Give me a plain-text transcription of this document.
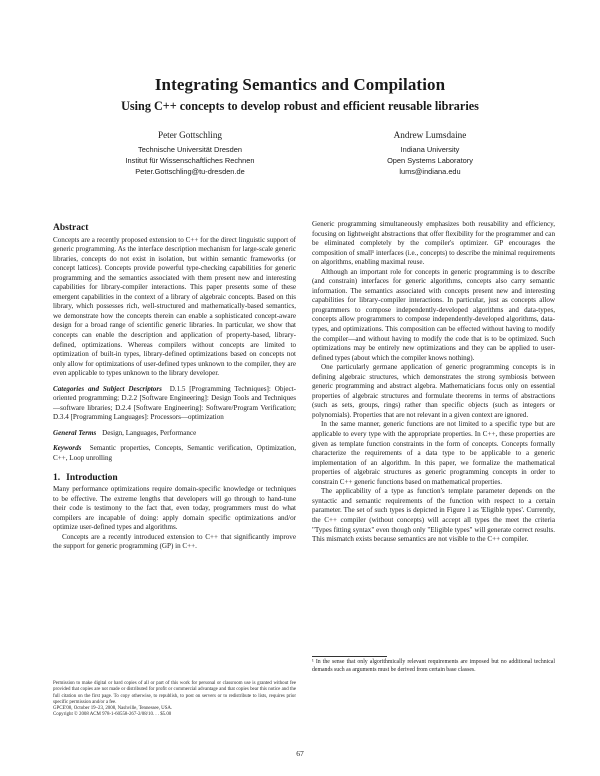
Integrating Semantics and Compilation
Using C++ concepts to develop robust and efficient reusable libraries
Peter Gottschling
Technische Universität Dresden
Institut für Wissenschaftliches Rechnen
Peter.Gottschling@tu-dresden.de
Andrew Lumsdaine
Indiana University
Open Systems Laboratory
lums@indiana.edu
Abstract

Concepts are a recently proposed extension to C++ for the direct linguistic support of generic programming. As the interface description mechanism for large-scale generic libraries, concepts do not exist in isolation, but within semantic frameworks (or concept lattices). Concepts provide powerful type-checking capabilities for generic programming and the semantics associated with them present new and interesting capabilities for library-compiler interactions. This paper presents some of these emergent capabilities in the context of a library of algebraic concepts. Based on this library, which possesses rich, well-structured and mathematically-based semantics, we demonstrate how the concepts therein can enable a sophisticated concept-aware design for a broad range of scientific generic libraries. In particular, we show that concepts can enable the description and application of property-based, library-defined, optimizations. Whereas compilers without concepts are limited to optimization of built-in types, library-defined optimizations based on concepts not only allow for optimizations of user-defined types unknown to the compiler, they are even applicable to types unknown to the library developer.

Categories and Subject Descriptors D.1.5 [Programming Techniques]: Object-oriented programming; D.2.2 [Software Engineering]: Design Tools and Techniques—software libraries; D.2.4 [Software Engineering]: Software/Program Verification; D.3.4 [Programming Languages]: Processors—optimization

General Terms Design, Languages, Performance

Keywords Semantic properties, Concepts, Semantic verification, Optimization, C++, Loop unrolling

1. Introduction

Many performance optimizations require domain-specific knowledge or techniques to be effective. The extreme lengths that developers will go through to hand-tune their code is testimony to the fact that, even today, programmers must do what compilers are incapable of doing: apply domain specific optimizations and/or optimize user-defined types and algorithms.

Concepts are a recently introduced extension to C++ that significantly improve the support for generic programming (GP) in C++.

Permission to make digital or hard copies of all or part of this work for personal or classroom use is granted without fee provided that copies are not made or distributed for profit or commercial advantage and that copies bear this notice and the full citation on the first page. To copy otherwise, to republish, to post on servers or to redistribute to lists, requires prior specific permission and/or a fee.

GPCE'08, October 19–23, 2008, Nashville, Tennessee, USA.

Copyright © 2008 ACM 978-1-60558-267-2/08/10. . . $5.00

Generic programming simultaneously emphasizes both reusability and efficiency, focusing on lightweight abstractions that offer flexibility for the programmer and can be eliminated completely by the compiler's optimizer. GP encourages the composition of small¹ interfaces (i.e., concepts) to describe the minimal requirements on algorithms, enabling maximal reuse.

Although an important role for concepts in generic programming is to describe (and constrain) interfaces for generic algorithms, concepts also carry semantic information. The semantics associated with concepts present new and interesting capabilities for library-compiler interactions. In particular, just as concepts allow programmers to compose independently-developed algorithms and data-types, concepts allow programmers to compose independently-developed algorithms, data-types, and optimizations. This composition can be effected without having to modify the compiler—and without having to modify the code that is to be optimized. Such optimizations may be entirely new optimizations and they can be applied to user-defined types (about which the compiler knows nothing).

One particularly germane application of generic programming concepts is in defining algebraic structures, which demonstrates the strong symbiosis between generic programming and abstract algebra. Mathematicians focus only on essential properties of algebraic structures and formulate theorems in terms of abstractions (such as sets, groups, rings) rather than specific objects (such as integers or polynomials). Properties that are not relevant in a given context are ignored.

In the same manner, generic functions are not limited to a specific type but are applicable to every type with the appropriate properties. In C++, these properties are given as template function constraints in the form of concepts. Concepts formally characterize the requirements of a data type to be applicable to a generic implementation of an algorithm. In this paper, we formalize the mathematical properties of algebraic structures as generic programming concepts in order to constrain C++ generic functions based on mathematical properties.

The applicability of a type as function's template parameter depends on the syntactic and semantic requirements of the function with respect to a certain parameter. The set of such types is depicted in Figure 1 as 'Eligible types'. Currently, the C++ compiler (without concepts) will accept all types the meet the criteria "Types fitting syntax" even though only "Eligible types" will generate correct results. This mismatch exists because semantics are not visible to the C++ compiler.

¹ In the sense that only algorithmically relevant requirements are imposed but no additional technical demands such as arguments must be derived from certain base classes.
67
